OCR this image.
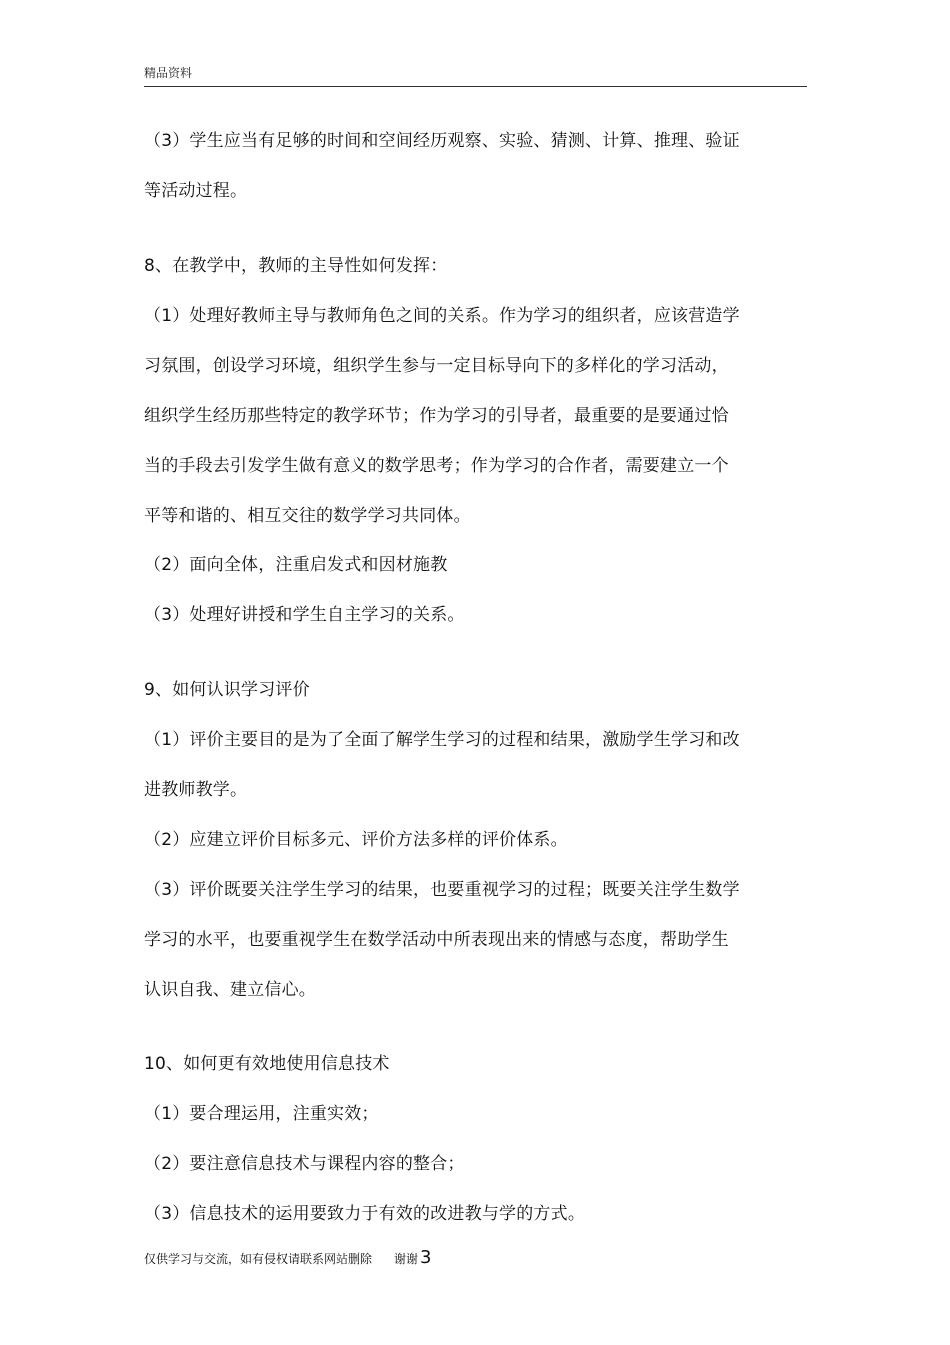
精品资料
（3）学生应当有足够的时间和空间经历观察、实验、猜测、计算、推理、验证
等活动过程。
8、在教学中，教师的主导性如何发挥：
（1）处理好教师主导与教师角色之间的关系。作为学习的组织者，应该营造学
习氛围，创设学习环境，组织学生参与一定目标导向下的多样化的学习活动，
组织学生经历那些特定的教学环节；作为学习的引导者，最重要的是要通过恰
当的手段去引发学生做有意义的数学思考；作为学习的合作者，需要建立一个
平等和谐的、相互交往的数学学习共同体。
（2）面向全体，注重启发式和因材施教
（3）处理好讲授和学生自主学习的关系。
9、如何认识学习评价
（1）评价主要目的是为了全面了解学生学习的过程和结果，激励学生学习和改
进教师教学。
（2）应建立评价目标多元、评价方法多样的评价体系。
（3）评价既要关注学生学习的结果，也要重视学习的过程；既要关注学生数学
学习的水平，也要重视学生在数学活动中所表现出来的情感与态度，帮助学生
认识自我、建立信心。
10、如何更有效地使用信息技术
（1）要合理运用，注重实效；
（2）要注意信息技术与课程内容的整合；
（3）信息技术的运用要致力于有效的改进教与学的方式。
仅供学习与交流，如有侵权请联系网站删除 谢谢 3
